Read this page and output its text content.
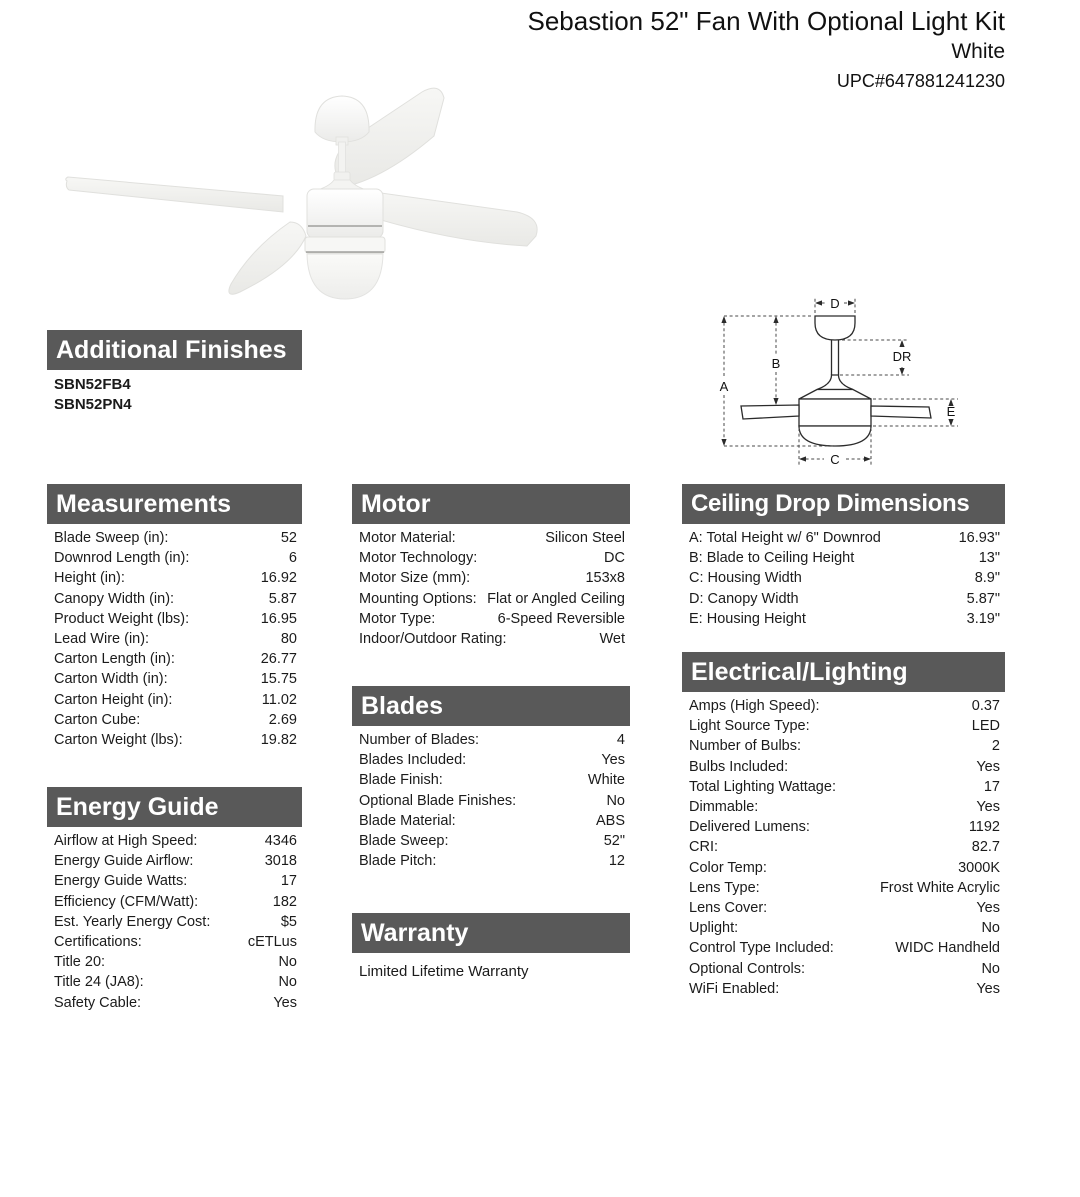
Sebastion 52" Fan With Optional Light Kit
White
UPC#647881241230
D
A
B	DR
E
C
Additional Finishes
SBN52FB4
SBN52PN4
Measurements
Blade Sweep (in):	52
Downrod Length (in):	6
Height (in):	16.92
Canopy Width (in):	5.87
Product Weight (lbs):	16.95
Lead Wire (in):	80
Carton Length (in):	26.77
Carton Width (in):	15.75
Carton Height (in):	11.02
Carton Cube:	2.69
Carton Weight (lbs):	19.82
Energy Guide
Airflow at High Speed:	4346
Energy Guide Airflow:	3018
Energy Guide Watts:	17
Efficiency (CFM/Watt):	182
Est. Yearly Energy Cost:	$5
Certifications:	cETLus
Title 20:	No
Title 24 (JA8):	No
Safety Cable:	Yes
Motor
Motor Material:	Silicon Steel
Motor Technology:	DC
Motor Size (mm):	153x8
Mounting Options: Flat or Angled Ceiling
Motor Type:	6-Speed Reversible
Indoor/Outdoor Rating:	Wet
Blades
Number of Blades:	4
Blades Included:	Yes
Blade Finish:	White
Optional Blade Finishes:	No
Blade Material:	ABS
Blade Sweep:	52"
Blade Pitch:	12
Warranty
Limited Lifetime Warranty
Ceiling Drop Dimensions
A: Total Height w/ 6" Downrod	16.93"
B: Blade to Ceiling Height	13"
C: Housing Width	8.9"
D: Canopy Width	5.87"
E: Housing Height	3.19"
Electrical/Lighting
Amps (High Speed):	0.37
Light Source Type:	LED
Number of Bulbs:	2
Bulbs Included:	Yes
Total Lighting Wattage:	17
Dimmable:	Yes
Delivered Lumens:	1192
CRI:	82.7
Color Temp:	3000K
Lens Type:	Frost White Acrylic
Lens Cover:	Yes
Uplight:	No
Control Type Included:	WIDC Handheld
Optional Controls:	No
WiFi Enabled:	Yes
